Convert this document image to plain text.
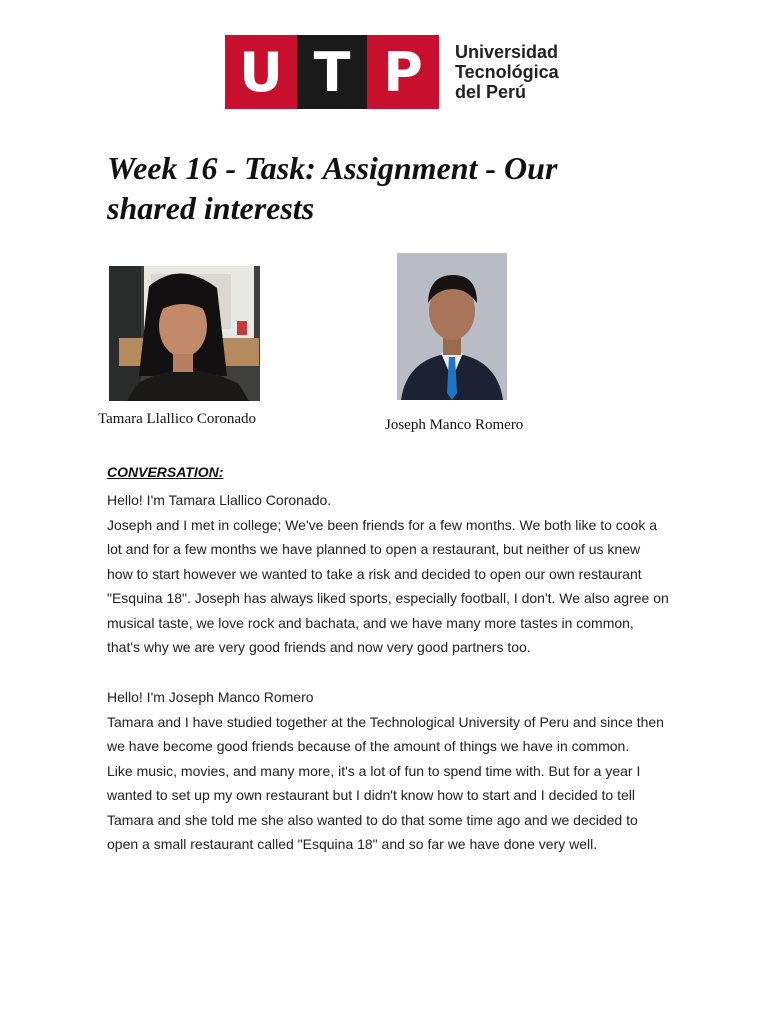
U T P	Universidad
Tecnológica
del Perú
Week 16 - Task: Assignment - Our
shared interests
Tamara Llallico Coronado	Joseph Manco Romero
CONVERSATION:

Hello! I'm Tamara Llallico Coronado.

Joseph and I met in college; We've been friends for a few months. We both like to cook a

lot and for a few months we have planned to open a restaurant, but neither of us knew

how to start however we wanted to take a risk and decided to open our own restaurant

"Esquina 18". Joseph has always liked sports, especially football, I don't. We also agree on

musical taste, we love rock and bachata, and we have many more tastes in common,

that's why we are very good friends and now very good partners too.

Hello! I'm Joseph Manco Romero

Tamara and I have studied together at the Technological University of Peru and since then

we have become good friends because of the amount of things we have in common.

Like music, movies, and many more, it's a lot of fun to spend time with. But for a year I

wanted to set up my own restaurant but I didn't know how to start and I decided to tell

Tamara and she told me she also wanted to do that some time ago and we decided to

open a small restaurant called "Esquina 18" and so far we have done very well.
